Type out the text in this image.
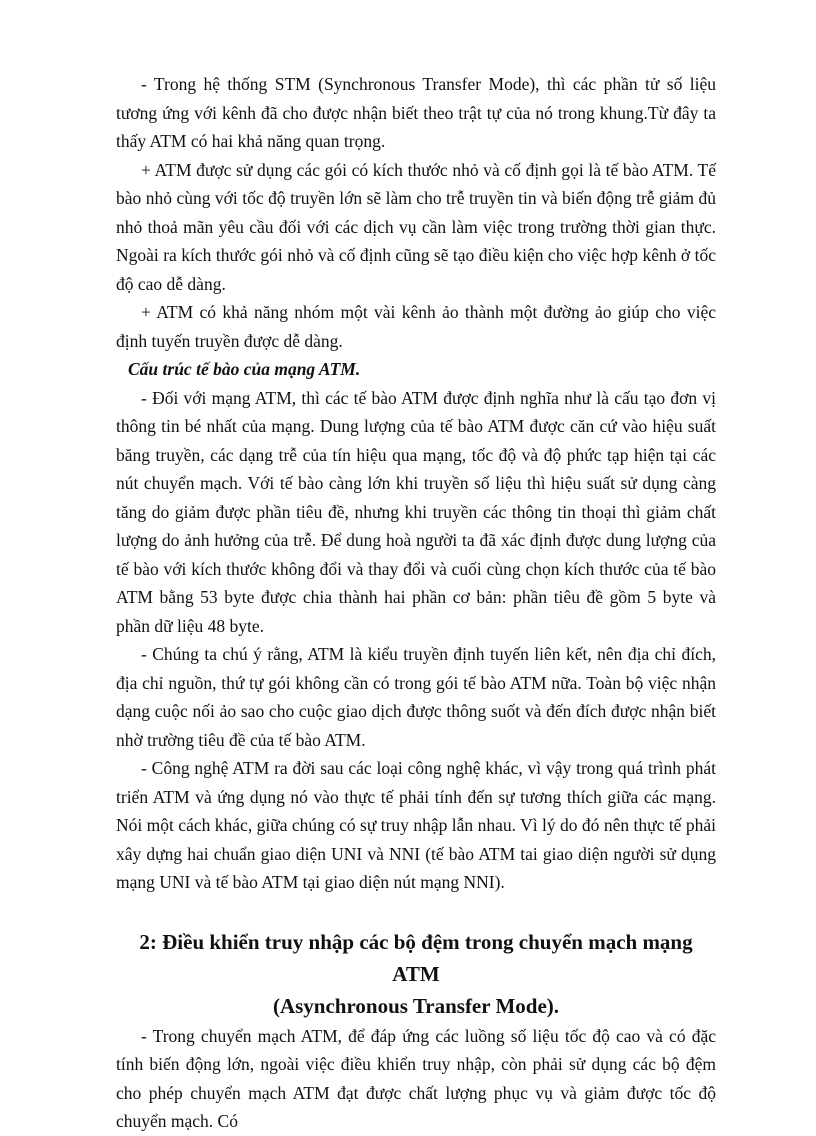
- Trong hệ thống STM (Synchronous Transfer Mode), thì các phần tử số liệu tương ứng với kênh đã cho được nhận biết theo trật tự của nó trong khung.Từ đây ta thấy ATM có hai khả năng quan trọng.

+ ATM được sử dụng các gói có kích thước nhỏ và cố định gọi là tế bào ATM. Tế bào nhỏ cùng với tốc độ truyền lớn sẽ làm cho trễ truyền tin và biến động trễ giảm đủ nhỏ thoả mãn yêu cầu đối với các dịch vụ cần làm việc trong trường thời gian thực. Ngoài ra kích thước gói nhỏ và cố định cũng sẽ tạo điều kiện cho việc hợp kênh ở tốc độ cao dễ dàng.

+ ATM có khả năng nhóm một vài kênh ảo thành một đường ảo giúp cho việc định tuyến truyền được dễ dàng.

Cấu trúc tế bào của mạng ATM.

- Đối với mạng ATM, thì các tế bào ATM được định nghĩa như là cấu tạo đơn vị thông tin bé nhất của mạng. Dung lượng của tế bào ATM được căn cứ vào hiệu suất băng truyền, các dạng trễ của tín hiệu qua mạng, tốc độ và độ phức tạp hiện tại các nút chuyển mạch. Với tế bào càng lớn khi truyền số liệu thì hiệu suất sử dụng càng tăng do giảm được phần tiêu đề, nhưng khi truyền các thông tin thoại thì giảm chất lượng do ảnh hưởng của trễ. Để dung hoà người ta đã xác định được dung lượng của tế bào với kích thước không đổi và thay đổi và cuối cùng chọn kích thước của tế bào ATM bằng 53 byte được chia thành hai phần cơ bản: phần tiêu đề gồm 5 byte và phần dữ liệu 48 byte.

- Chúng ta chú ý rằng, ATM là kiểu truyền định tuyến liên kết, nên địa chỉ đích, địa chỉ nguồn, thứ tự gói không cần có trong gói tế bào ATM nữa. Toàn bộ việc nhận dạng cuộc nối ảo sao cho cuộc giao dịch được thông suốt và đến đích được nhận biết nhờ trường tiêu đề của tế bào ATM.

- Công nghệ ATM ra đời sau các loại công nghệ khác, vì vậy trong quá trình phát triển ATM và ứng dụng nó vào thực tế phải tính đến sự tương thích giữa các mạng. Nói một cách khác, giữa chúng có sự truy nhập lẫn nhau. Vì lý do đó nên thực tế phải xây dựng hai chuẩn giao diện UNI và NNI (tế bào ATM tai giao diện người sử dụng mạng UNI và tế bào ATM tại giao diện nút mạng NNI).

2: Điều khiển truy nhập các bộ đệm trong chuyển mạch mạng ATM
(Asynchronous Transfer Mode).

- Trong chuyển mạch ATM, để đáp ứng các luồng số liệu tốc độ cao và có đặc tính biến động lớn, ngoài việc điều khiển truy nhập, còn phải sử dụng các bộ đệm cho phép chuyển mạch ATM đạt được chất lượng phục vụ và giảm được tốc độ chuyển mạch. Có
